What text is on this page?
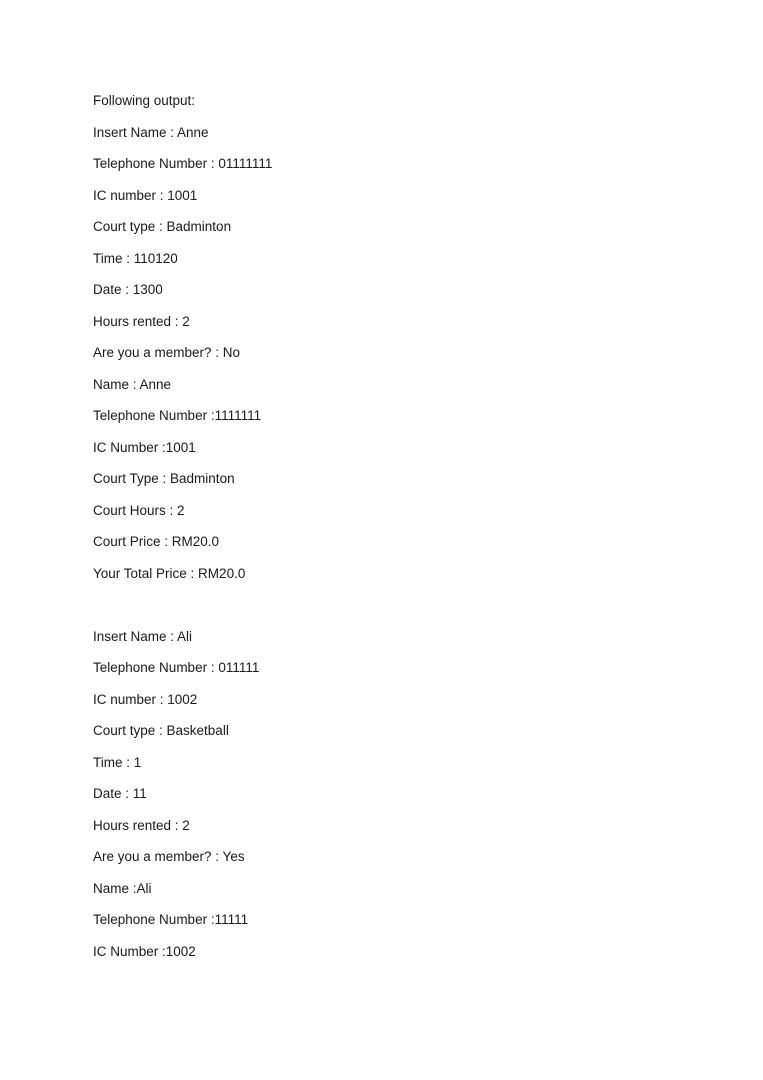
Following output:
Insert Name : Anne
Telephone Number : 01111111
IC number : 1001
Court type : Badminton
Time : 110120
Date : 1300
Hours rented : 2
Are you a member? : No
Name : Anne
Telephone Number :1111111
IC Number :1001
Court Type : Badminton
Court Hours : 2
Court Price : RM20.0
Your Total Price : RM20.0
Insert Name : Ali
Telephone Number : 011111
IC number : 1002
Court type : Basketball
Time : 1
Date : 11
Hours rented : 2
Are you a member? : Yes
Name :Ali
Telephone Number :11111
IC Number :1002
